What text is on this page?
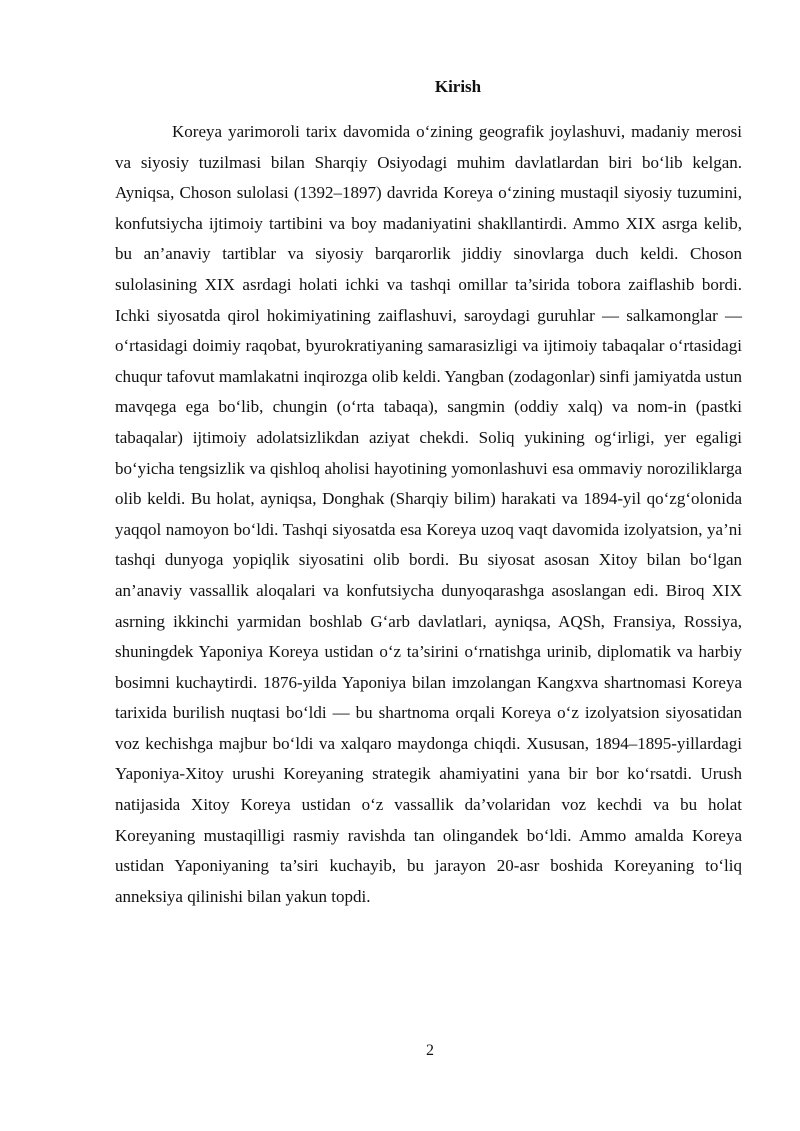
Kirish

Koreya yarimoroli tarix davomida o‘zining geografik joylashuvi, madaniy merosi va siyosiy tuzilmasi bilan Sharqiy Osiyodagi muhim davlatlardan biri bo‘lib kelgan. Ayniqsa, Choson sulolasi (1392–1897) davrida Koreya o‘zining mustaqil siyosiy tuzumini, konfutsiycha ijtimoiy tartibini va boy madaniyatini shakllantirdi. Ammo XIX asrga kelib, bu an’anaviy tartiblar va siyosiy barqarorlik jiddiy sinovlarga duch keldi. Choson sulolasining XIX asrdagi holati ichki va tashqi omillar ta’sirida tobora zaiflashib bordi. Ichki siyosatda qirol hokimiyatining zaiflashuvi, saroydagi guruhlar — salkamonglar — o‘rtasidagi doimiy raqobat, byurokratiyaning samarasizligi va ijtimoiy tabaqalar o‘rtasidagi chuqur tafovut mamlakatni inqirozga olib keldi. Yangban (zodagonlar) sinfi jamiyatda ustun mavqega ega bo‘lib, chungin (o‘rta tabaqa), sangmin (oddiy xalq) va nom-in (pastki tabaqalar) ijtimoiy adolatsizlikdan aziyat chekdi. Soliq yukining og‘irligi, yer egaligi bo‘yicha tengsizlik va qishloq aholisi hayotining yomonlashuvi esa ommaviy noroziliklarga olib keldi. Bu holat, ayniqsa, Donghak (Sharqiy bilim) harakati va 1894-yil qo‘zg‘olonida yaqqol namoyon bo‘ldi. Tashqi siyosatda esa Koreya uzoq vaqt davomida izolyatsion, ya’ni tashqi dunyoga yopiqlik siyosatini olib bordi. Bu siyosat asosan Xitoy bilan bo‘lgan an’anaviy vassallik aloqalari va konfutsiycha dunyoqarashga asoslangan edi. Biroq XIX asrning ikkinchi yarmidan boshlab G‘arb davlatlari, ayniqsa, AQSh, Fransiya, Rossiya, shuningdek Yaponiya Koreya ustidan o‘z ta’sirini o‘rnatishga urinib, diplomatik va harbiy bosimni kuchaytirdi. 1876-yilda Yaponiya bilan imzolangan Kangxva shartnomasi Koreya tarixida burilish nuqtasi bo‘ldi — bu shartnoma orqali Koreya o‘z izolyatsion siyosatidan voz kechishga majbur bo‘ldi va xalqaro maydonga chiqdi. Xususan, 1894–1895-yillardagi Yaponiya-Xitoy urushi Koreyaning strategik ahamiyatini yana bir bor ko‘rsatdi. Urush natijasida Xitoy Koreya ustidan o‘z vassallik da’volaridan voz kechdi va bu holat Koreyaning mustaqilligi rasmiy ravishda tan olingandek bo‘ldi. Ammo amalda Koreya ustidan Yaponiyaning ta’siri kuchayib, bu jarayon 20-asr boshida Koreyaning to‘liq anneksiya qilinishi bilan yakun topdi.

2
